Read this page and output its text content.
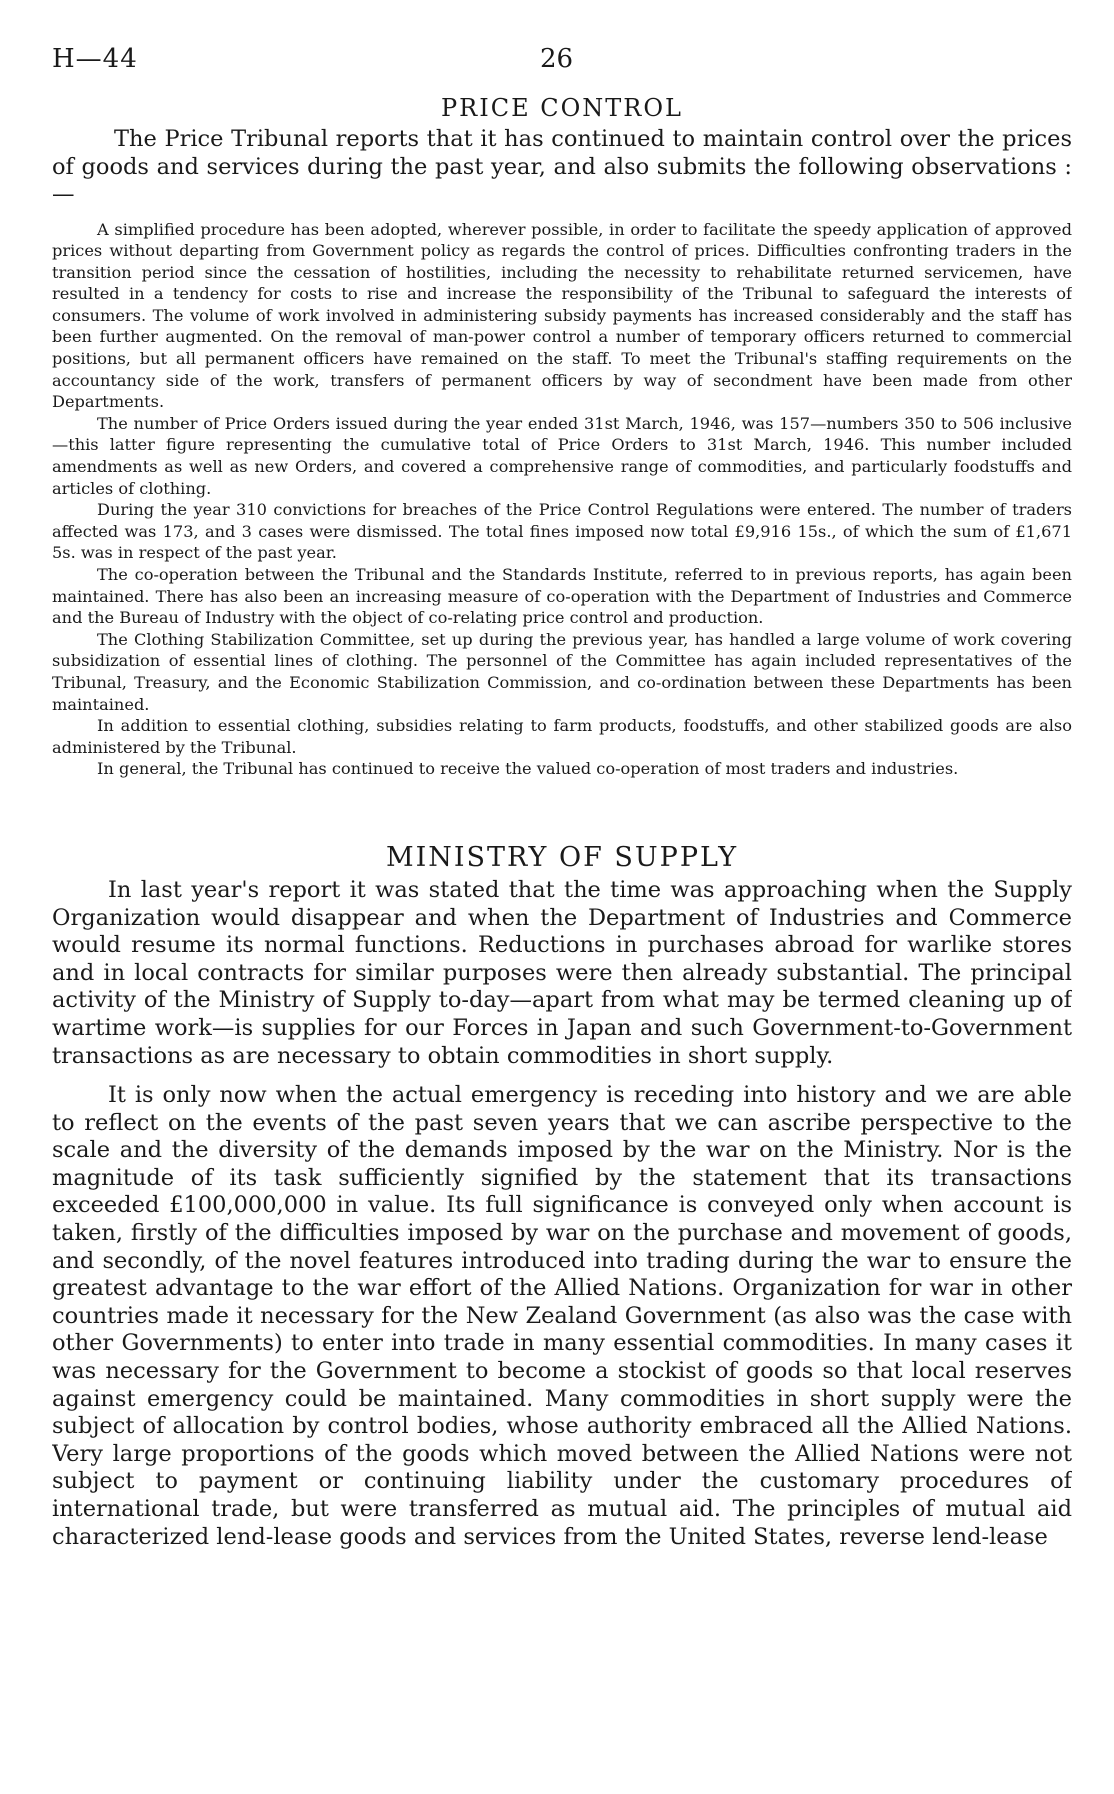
H—44	26
PRICE CONTROL

The Price Tribunal reports that it has continued to maintain control over the prices of goods and services during the past year, and also submits the following observations :—

A simplified procedure has been adopted, wherever possible, in order to facilitate the speedy application of approved prices without departing from Government policy as regards the control of prices. Difficulties confronting traders in the transition period since the cessation of hostilities, including the necessity to rehabilitate returned servicemen, have resulted in a tendency for costs to rise and increase the responsibility of the Tribunal to safeguard the interests of consumers. The volume of work involved in administering subsidy payments has increased considerably and the staff has been further augmented. On the removal of man-power control a number of temporary officers returned to commercial positions, but all permanent officers have remained on the staff. To meet the Tribunal's staffing requirements on the accountancy side of the work, transfers of permanent officers by way of secondment have been made from other Departments.

The number of Price Orders issued during the year ended 31st March, 1946, was 157—numbers 350 to 506 inclusive—this latter figure representing the cumulative total of Price Orders to 31st March, 1946. This number included amendments as well as new Orders, and covered a comprehensive range of commodities, and particularly foodstuffs and articles of clothing.

During the year 310 convictions for breaches of the Price Control Regulations were entered. The number of traders affected was 173, and 3 cases were dismissed. The total fines imposed now total £9,916 15s., of which the sum of £1,671 5s. was in respect of the past year.

The co-operation between the Tribunal and the Standards Institute, referred to in previous reports, has again been maintained. There has also been an increasing measure of co-operation with the Department of Industries and Commerce and the Bureau of Industry with the object of co-relating price control and production.

The Clothing Stabilization Committee, set up during the previous year, has handled a large volume of work covering subsidization of essential lines of clothing. The personnel of the Committee has again included representatives of the Tribunal, Treasury, and the Economic Stabilization Commission, and co-ordination between these Departments has been maintained.

In addition to essential clothing, subsidies relating to farm products, foodstuffs, and other stabilized goods are also administered by the Tribunal.

In general, the Tribunal has continued to receive the valued co-operation of most traders and industries.

MINISTRY OF SUPPLY

In last year's report it was stated that the time was approaching when the Supply Organization would disappear and when the Department of Industries and Commerce would resume its normal functions. Reductions in purchases abroad for warlike stores and in local contracts for similar purposes were then already substantial. The principal activity of the Ministry of Supply to-day—apart from what may be termed cleaning up of wartime work—is supplies for our Forces in Japan and such Government-to-Government transactions as are necessary to obtain commodities in short supply.

It is only now when the actual emergency is receding into history and we are able to reflect on the events of the past seven years that we can ascribe perspective to the scale and the diversity of the demands imposed by the war on the Ministry. Nor is the magnitude of its task sufficiently signified by the statement that its transactions exceeded £100,000,000 in value. Its full significance is conveyed only when account is taken, firstly of the difficulties imposed by war on the purchase and movement of goods, and secondly, of the novel features introduced into trading during the war to ensure the greatest advantage to the war effort of the Allied Nations. Organization for war in other countries made it necessary for the New Zealand Government (as also was the case with other Governments) to enter into trade in many essential commodities. In many cases it was necessary for the Government to become a stockist of goods so that local reserves against emergency could be maintained. Many commodities in short supply were the subject of allocation by control bodies, whose authority embraced all the Allied Nations. Very large proportions of the goods which moved between the Allied Nations were not subject to payment or continuing liability under the customary procedures of international trade, but were transferred as mutual aid. The principles of mutual aid characterized lend-lease goods and services from the United States, reverse lend-lease
